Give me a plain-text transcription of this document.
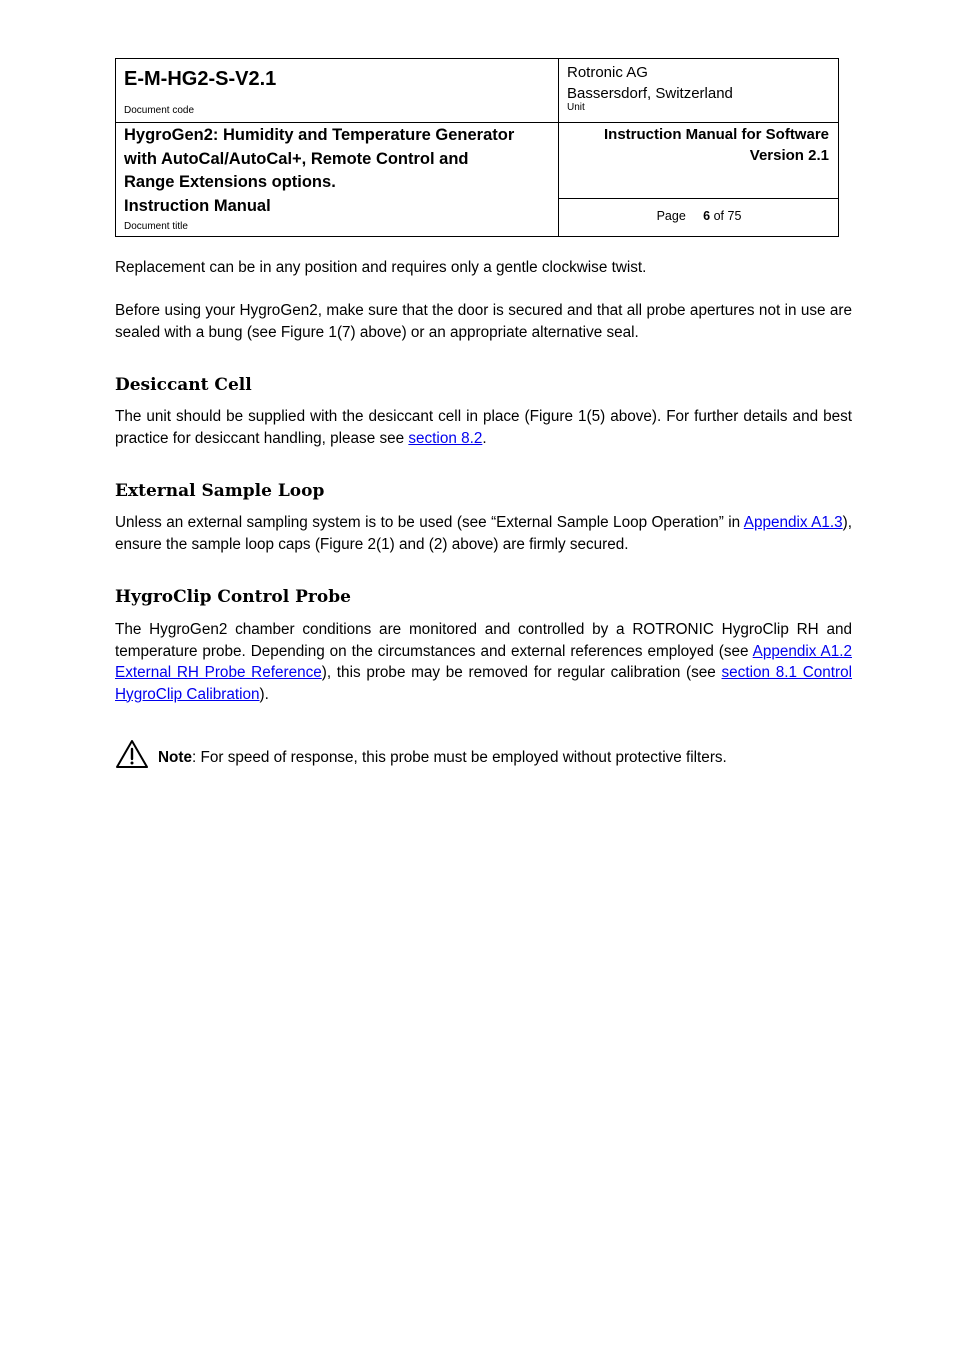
E-M-HG2-S-V2.1
Document code
Rotronic AG
Bassersdorf, Switzerland
Unit
HygroGen2: Humidity and Temperature Generator
with AutoCal/AutoCal+, Remote Control and
Range Extensions options.
Instruction Manual
Document title
Instruction Manual for Software
Version 2.1
Page 6 of 75
Replacement can be in any position and requires only a gentle clockwise twist.
Before using your HygroGen2, make sure that the door is secured and that all probe apertures not in use are sealed with a bung (see Figure 1(7) above) or an appropriate alternative seal.
Desiccant Cell
The unit should be supplied with the desiccant cell in place (Figure 1(5) above). For further details and best practice for desiccant handling, please see section 8.2.
External Sample Loop
Unless an external sampling system is to be used (see “External Sample Loop Operation” in Appendix A1.3), ensure the sample loop caps (Figure 2(1) and (2) above) are firmly secured.
HygroClip Control Probe
The HygroGen2 chamber conditions are monitored and controlled by a ROTRONIC HygroClip RH and temperature probe. Depending on the circumstances and external references employed (see Appendix A1.2 External RH Probe Reference), this probe may be removed for regular calibration (see section 8.1 Control HygroClip Calibration).
Note: For speed of response, this probe must be employed without protective filters.
